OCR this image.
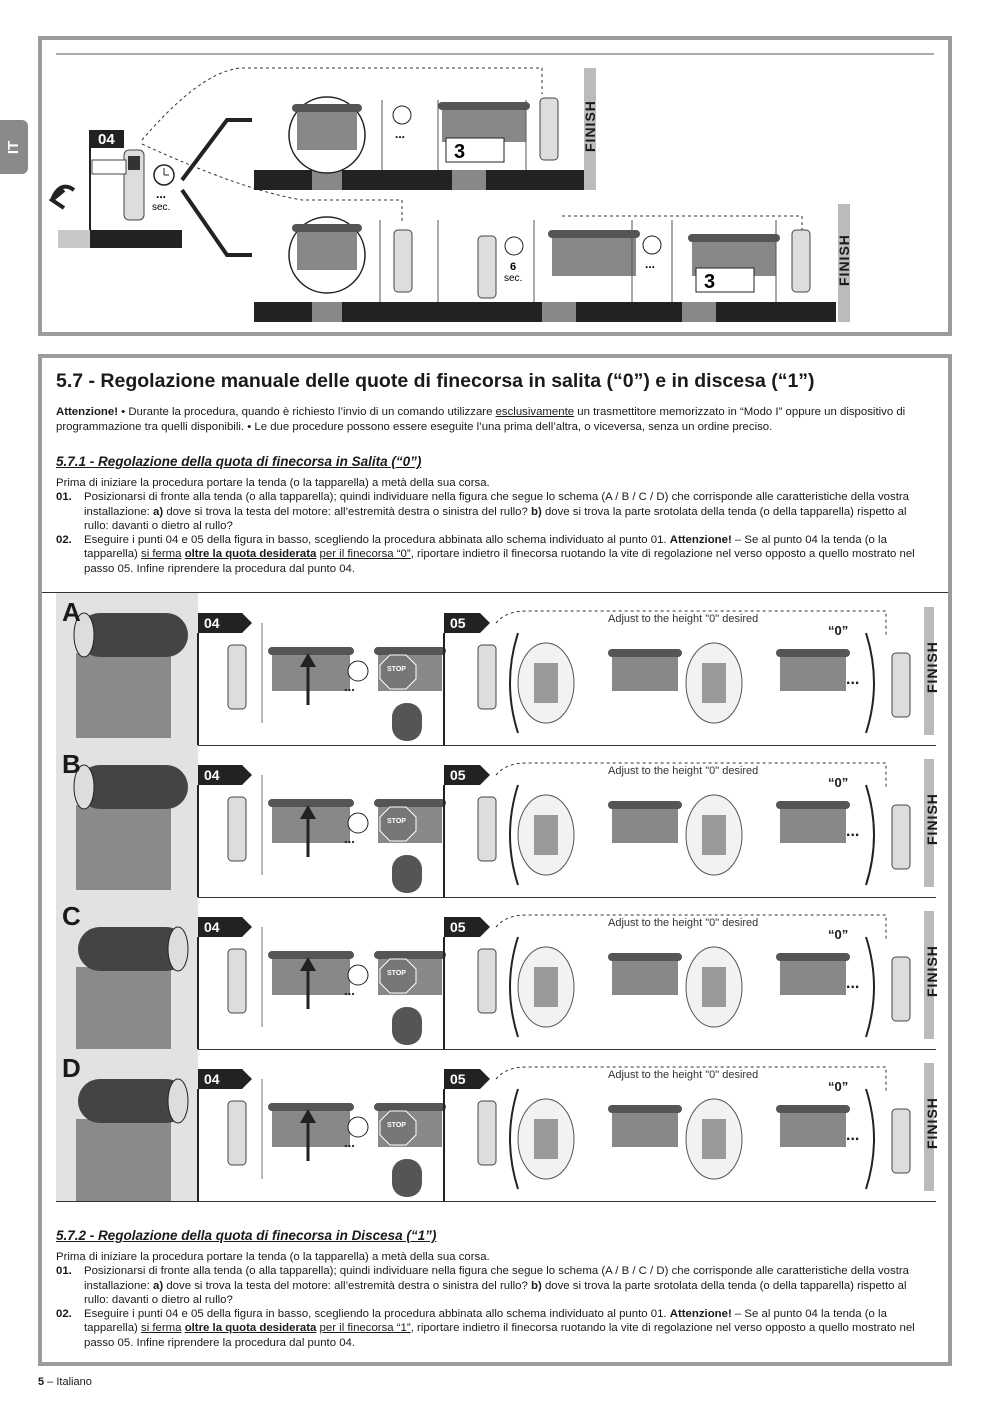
IT	04
...
sec.
...
3
6
sec.
...
3
FINISH
FINISH
5.7 - Regolazione manuale delle quote di finecorsa in salita (“0”) e in discesa (“1”)

Attenzione! • Durante la procedura, quando è richiesto l’invio di un comando utilizzare esclusivamente un trasmettitore memorizzato in “Modo I” oppure un dispositivo di programmazione tra quelli disponibili. • Le due procedure possono essere eseguite l’una prima dell’altra, o viceversa, senza un ordine preciso.

5.7.1 - Regolazione della quota di finecorsa in Salita (“0”)

Prima di iniziare la procedura portare la tenda (o la tapparella) a metà della sua corsa.

01. Posizionarsi di fronte alla tenda (o alla tapparella); quindi individuare nella figura che segue lo schema (A / B / C / D) che corrisponde alle caratteristiche della vostra installazione: a) dove si trova la testa del motore: all’estremità destra o sinistra del rullo? b) dove si trova la parte srotolata della tenda (o della tapparella) rispetto al rullo: davanti o dietro al rullo?
02. Eseguire i punti 04 e 05 della figura in basso, scegliendo la procedura abbinata allo schema individuato al punto 01. Attenzione! – Se al punto 04 la tenda (o la tapparella) si ferma oltre la quota desiderata per il finecorsa “0”, riportare indietro il finecorsa ruotando la vite di regolazione nel verso opposto a quello mostrato nel passo 05. Infine riprendere la procedura dal punto 04.
A	04	05	Adjust to the height "0" desired
“0”
...	...
STOP	FINISH
B	04	05	Adjust to the height "0" desired
“0”
...	...
STOP	FINISH
C	04	05	Adjust to the height "0" desired
“0”
...	...
STOP	FINISH
D	04	05	Adjust to the height "0" desired
“0”
...	...
STOP	FINISH
5.7.2 - Regolazione della quota di finecorsa in Discesa (“1”)

Prima di iniziare la procedura portare la tenda (o la tapparella) a metà della sua corsa.

01. Posizionarsi di fronte alla tenda (o alla tapparella); quindi individuare nella figura che segue lo schema (A / B / C / D) che corrisponde alle caratteristiche della vostra installazione: a) dove si trova la testa del motore: all’estremità destra o sinistra del rullo? b) dove si trova la parte srotolata della tenda (o della tapparella) rispetto al rullo: davanti o dietro al rullo?
02. Eseguire i punti 04 e 05 della figura in basso, scegliendo la procedura abbinata allo schema individuato al punto 01. Attenzione! – Se al punto 04 la tenda (o la tapparella) si ferma oltre la quota desiderata per il finecorsa “1”, riportare indietro il finecorsa ruotando la vite di regolazione nel verso opposto a quello mostrato nel passo 05. Infine riprendere la procedura dal punto 04.
5 – Italiano
